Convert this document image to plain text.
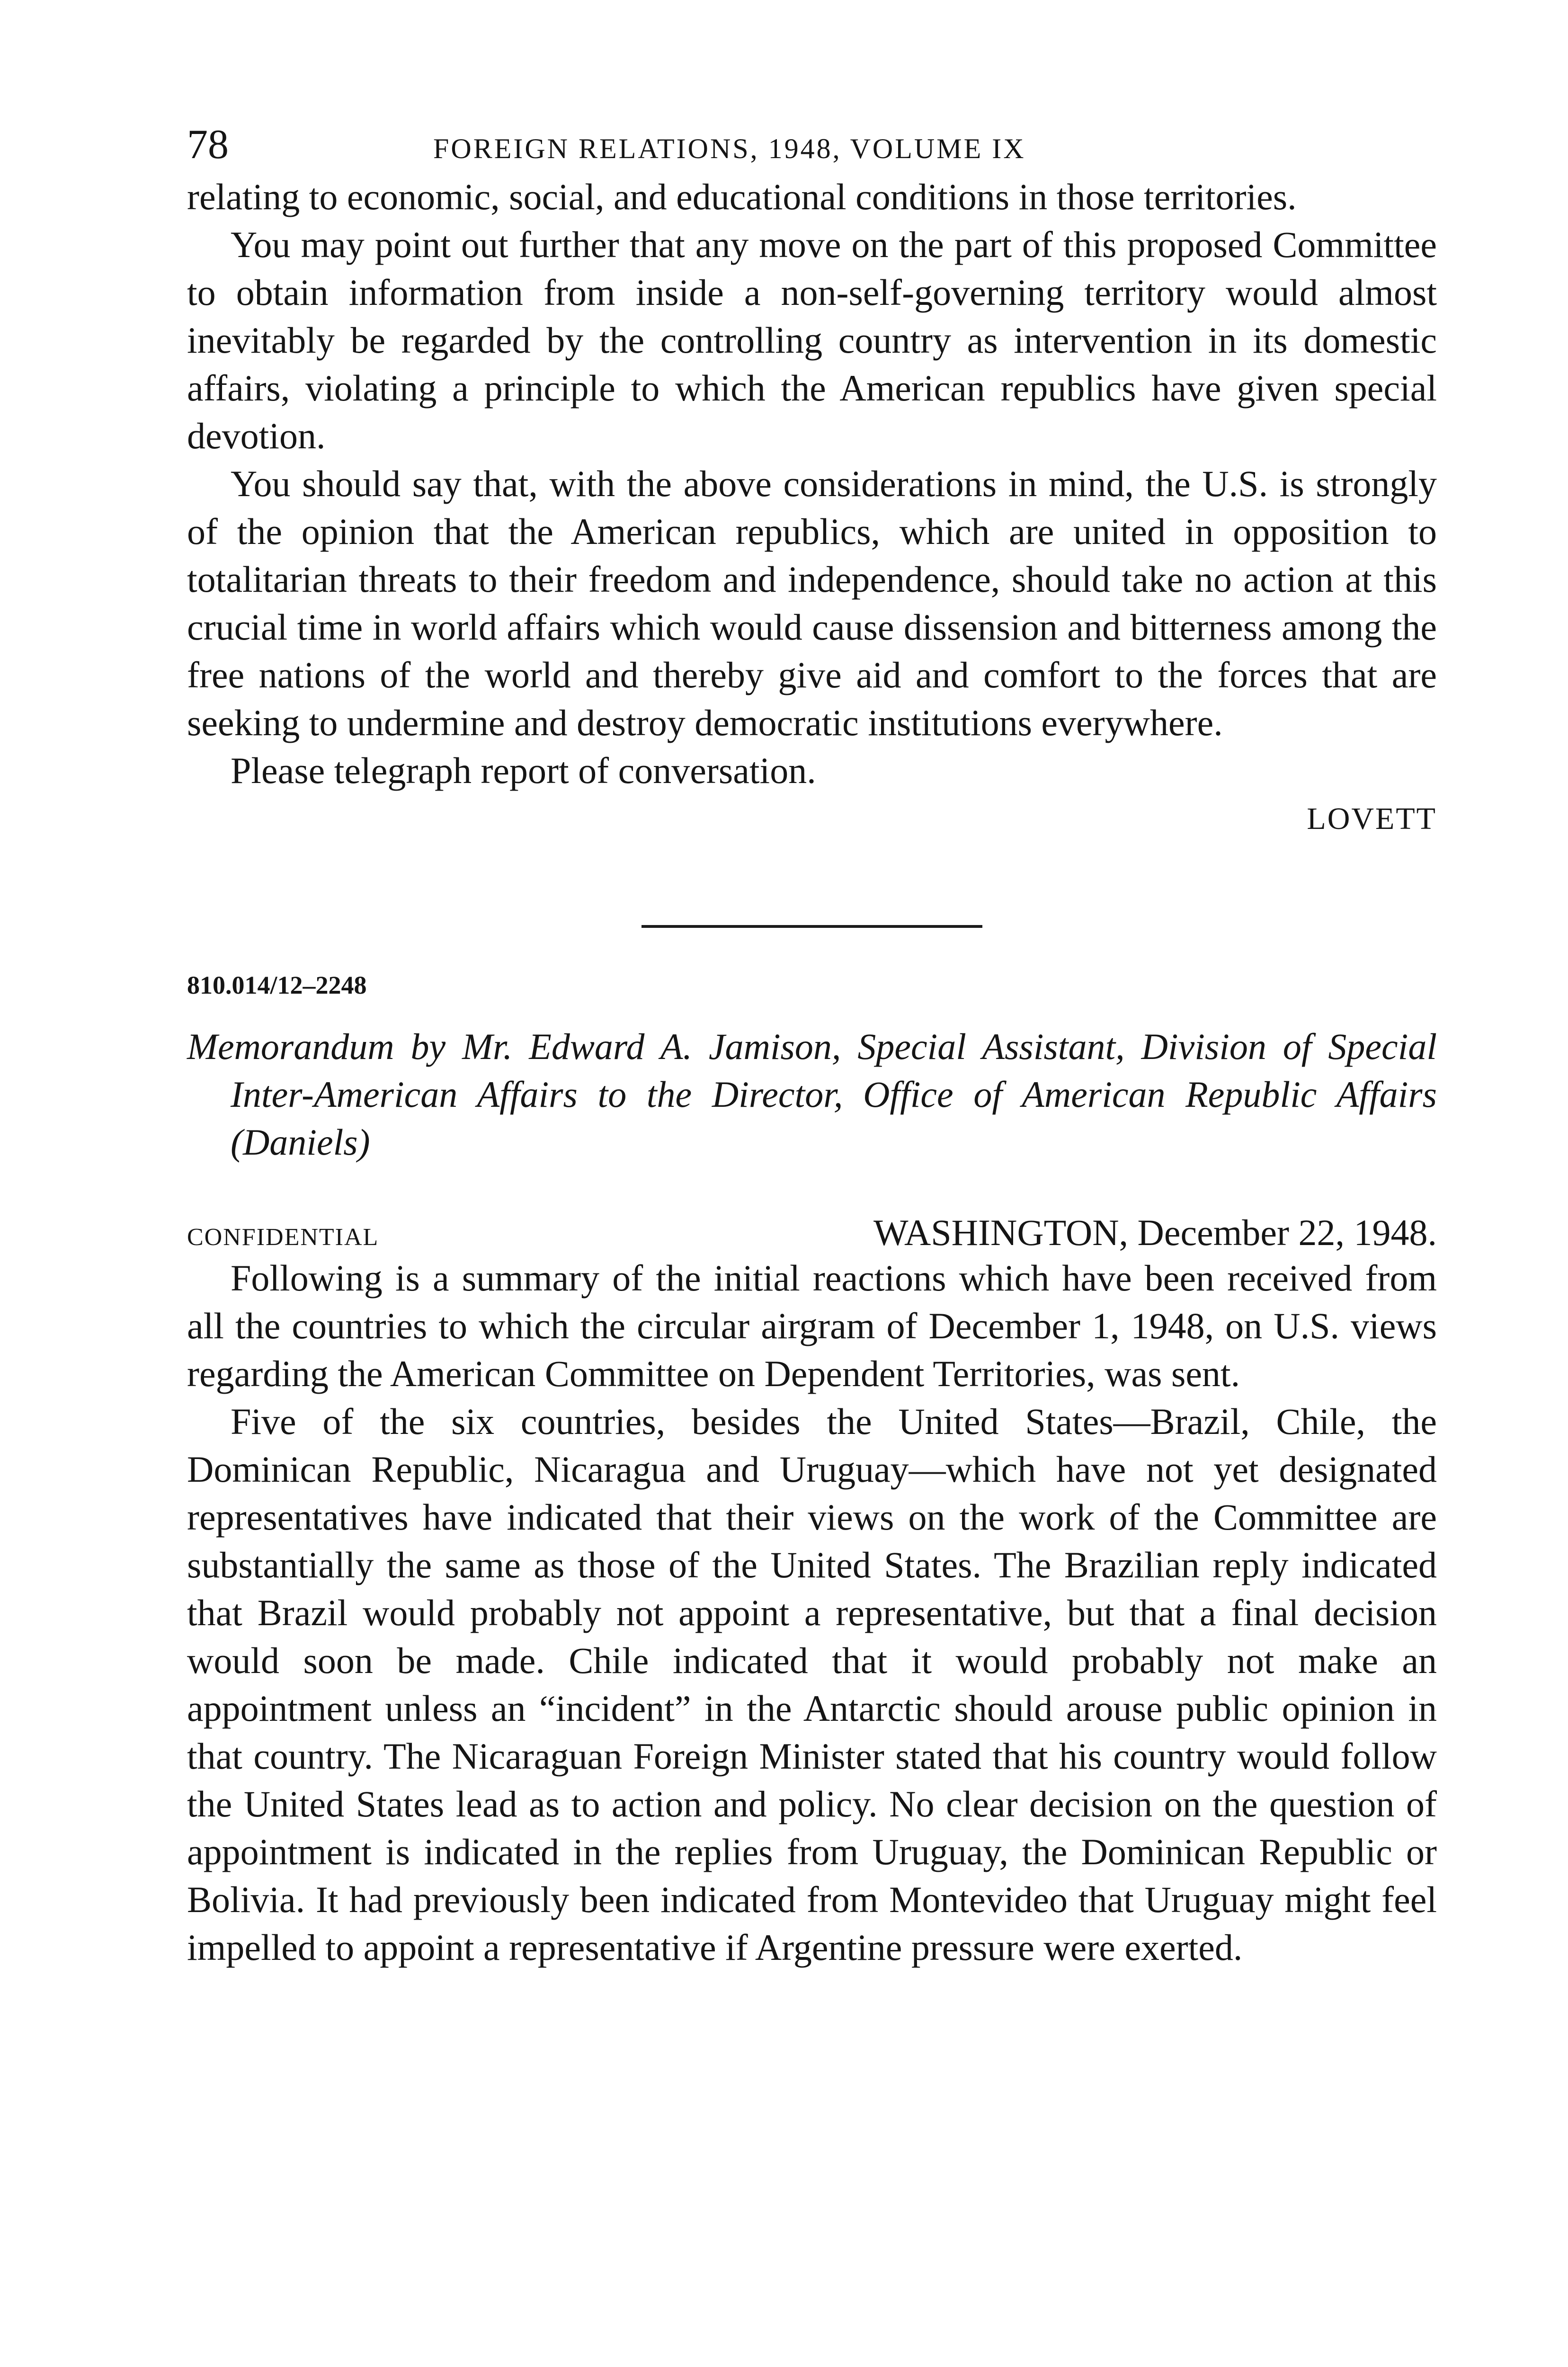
78	FOREIGN RELATIONS, 1948, VOLUME IX

relating to economic, social, and educational conditions in those territories.

You may point out further that any move on the part of this proposed Committee to obtain information from inside a non-self-governing territory would almost inevitably be regarded by the controlling country as intervention in its domestic affairs, violating a principle to which the American republics have given special devotion.

You should say that, with the above considerations in mind, the U.S. is strongly of the opinion that the American republics, which are united in opposition to totalitarian threats to their freedom and independence, should take no action at this crucial time in world affairs which would cause dissension and bitterness among the free nations of the world and thereby give aid and comfort to the forces that are seeking to undermine and destroy democratic institutions everywhere.

Please telegraph report of conversation.

LOVETT
810.014/12–2248
Memorandum by Mr. Edward A. Jamison, Special Assistant, Division of Special Inter-American Affairs to the Director, Office of American Republic Affairs (Daniels)
CONFIDENTIAL	WASHINGTON, December 22, 1948.

Following is a summary of the initial reactions which have been received from all the countries to which the circular airgram of December 1, 1948, on U.S. views regarding the American Committee on Dependent Territories, was sent.

Five of the six countries, besides the United States—Brazil, Chile, the Dominican Republic, Nicaragua and Uruguay—which have not yet designated representatives have indicated that their views on the work of the Committee are substantially the same as those of the United States. The Brazilian reply indicated that Brazil would probably not appoint a representative, but that a final decision would soon be made. Chile indicated that it would probably not make an appointment unless an “incident” in the Antarctic should arouse public opinion in that country. The Nicaraguan Foreign Minister stated that his country would follow the United States lead as to action and policy. No clear decision on the question of appointment is indicated in the replies from Uruguay, the Dominican Republic or Bolivia. It had previously been indicated from Montevideo that Uruguay might feel impelled to appoint a representative if Argentine pressure were exerted.
